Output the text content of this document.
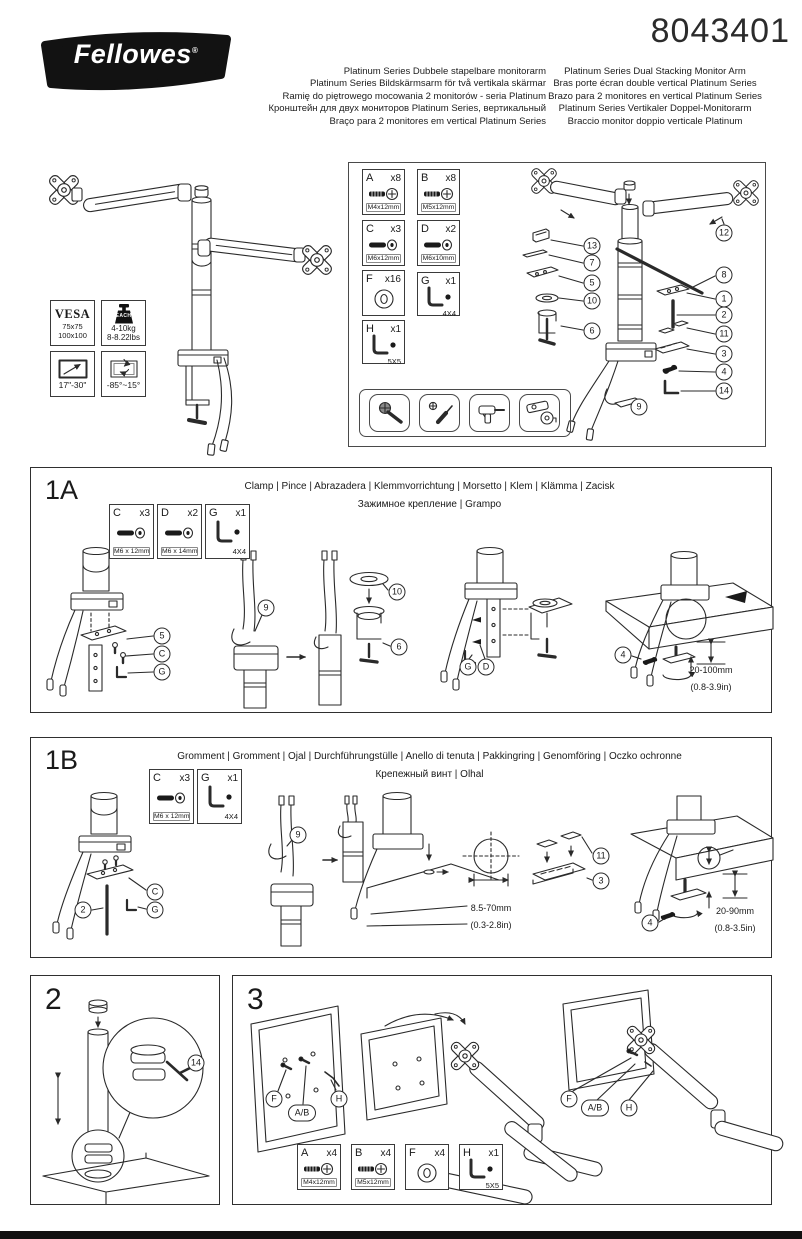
Fellowes®
8043401
Platinum Series Dubbele stapelbare monitorarm
Platinum Series Bildskärmsarm för två vertikala skärmar
Ramię do piętrowego mocowania 2 monitorów - seria Platinum
Кронштейн для двух мониторов Platinum Series, вертикальный
Braço para 2 monitores em vertical Platinum Series
Platinum Series Dual Stacking Monitor Arm
Bras porte écran double vertical Platinum Series
Brazo para 2 monitores en vertical Platinum Series
Platinum Series Vertikaler Doppel-Monitorarm
Braccio monitor doppio verticale Platinum
VESA
75x75
100x100
EACH
4-10kg
8-8.22lbs
17"-30" -85°~15°
A x8
M4x12mm
B x8
M5x12mm
C x3
M6x12mm
D x2
M6x10mm
F x16 G x1
4X4
H x1
5X5
13
7
5
10
6
9
12
8
1
2
11
3
4
14
1A	Clamp | Pince | Abrazadera | Klemmvorrichtung | Morsetto | Klem | Klämma | Zacisk
Зажимное крепление | Grampo
C x3
M6 x 12mm
D x2
M6 x 14mm
G x1
4X4
5
C
G
9
10
6
G	D
4
20-100mm
(0.8-3.9in)
1B	Gromment | Gromment | Ojal | Durchführungstülle | Anello di tenuta | Pakkingring | Genomföring | Oczko ochronne
Крепежный винт | Olhal
C x3
M6 x 12mm
G x1
4X4
2
C
G
9
11
3
4
8.5-70mm
(0.3-2.8in)
20-90mm
(0.8-3.5in)
2
14
3
F
A/B
H	F
A/B	H
A x4
M4x12mm
B x4
M5x12mm
F x4 H x1
5X5
